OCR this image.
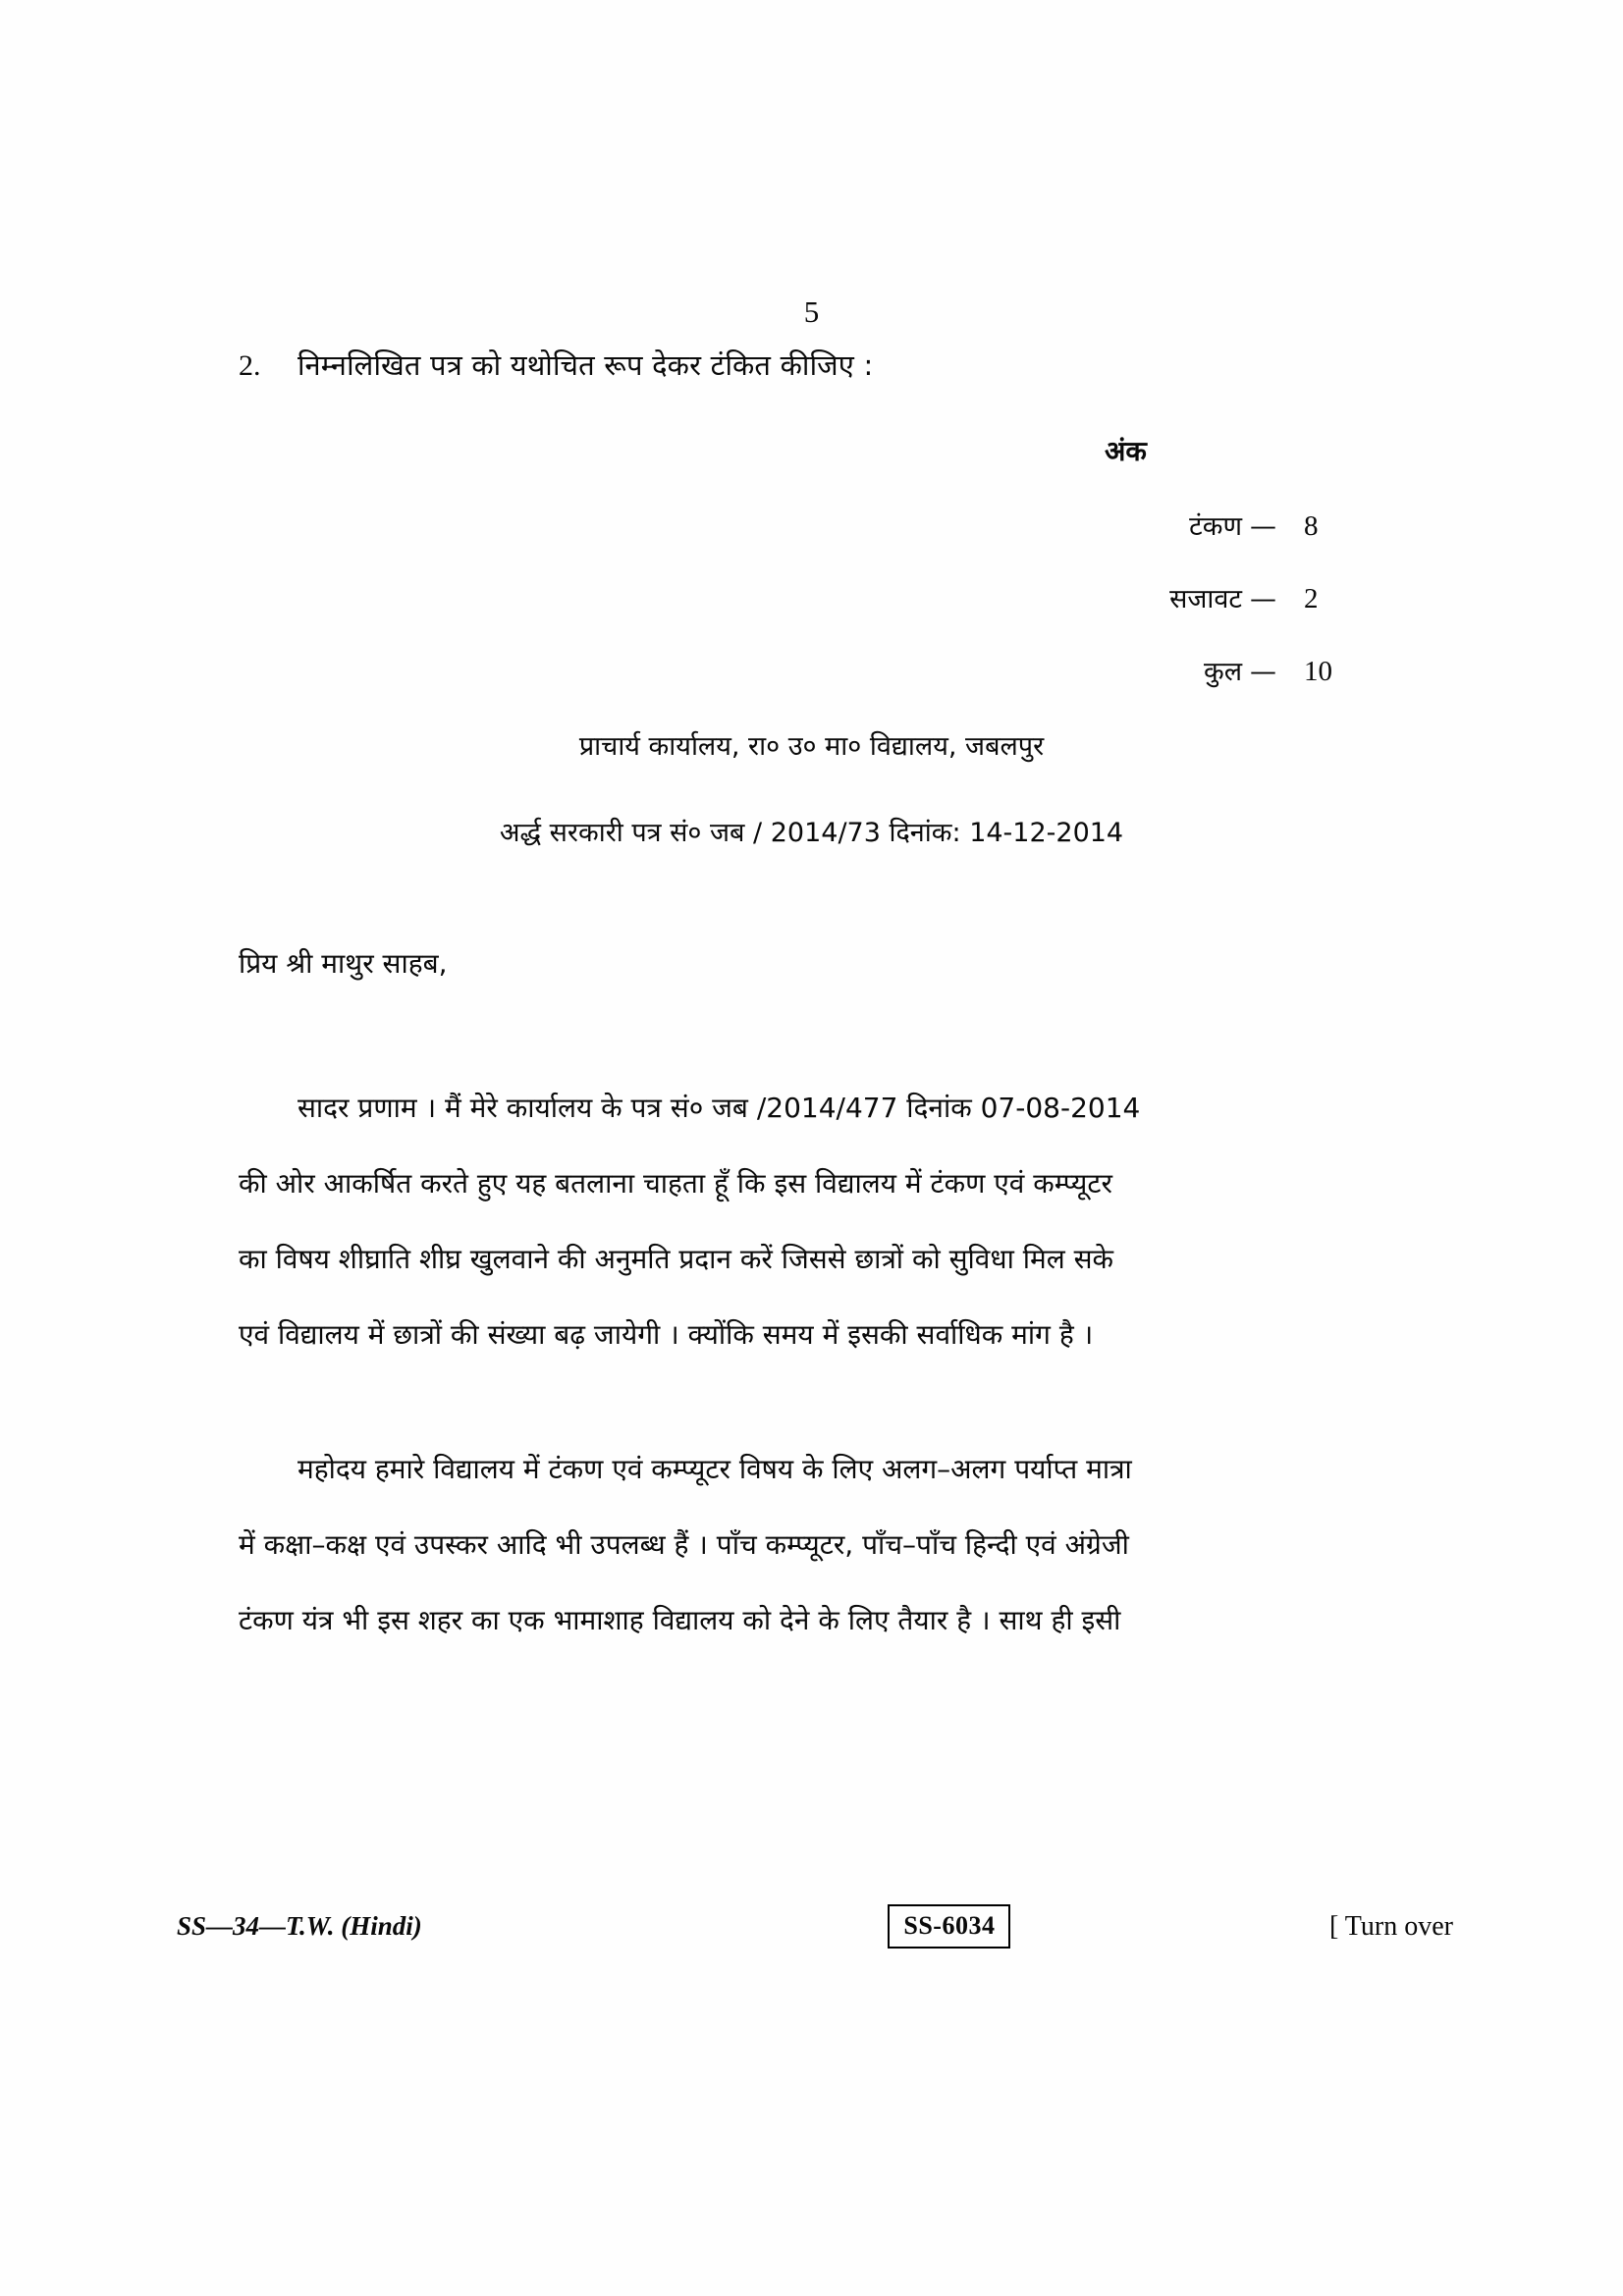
5
2.	निम्नलिखित पत्र को यथोचित रूप देकर टंकित कीजिए :
अंक
टंकण — 8
सजावट — 2
कुल — 10
प्राचार्य कार्यालय, रा० उ० मा० विद्यालय, जबलपुर
अर्द्ध सरकारी पत्र सं० जब / 2014/73 दिनांक: 14-12-2014
प्रिय श्री माथुर साहब,
सादर प्रणाम । मैं मेरे कार्यालय के पत्र सं० जब /2014/477 दिनांक 07-08-2014
की ओर आकर्षित करते हुए यह बतलाना चाहता हूँ कि इस विद्यालय में टंकण एवं कम्प्यूटर
का विषय शीघ्राति शीघ्र खुलवाने की अनुमति प्रदान करें जिससे छात्रों को सुविधा मिल सके
एवं विद्यालय में छात्रों की संख्या बढ़ जायेगी । क्योंकि समय में इसकी सर्वाधिक मांग है ।
महोदय हमारे विद्यालय में टंकण एवं कम्प्यूटर विषय के लिए अलग–अलग पर्याप्त मात्रा
में कक्षा–कक्ष एवं उपस्कर आदि भी उपलब्ध हैं । पाँच कम्प्यूटर, पाँच–पाँच हिन्दी एवं अंग्रेजी
टंकण यंत्र भी इस शहर का एक भामाशाह विद्यालय को देने के लिए तैयार है । साथ ही इसी
SS—34—T.W. (Hindi)	SS-6034	[ Turn over
